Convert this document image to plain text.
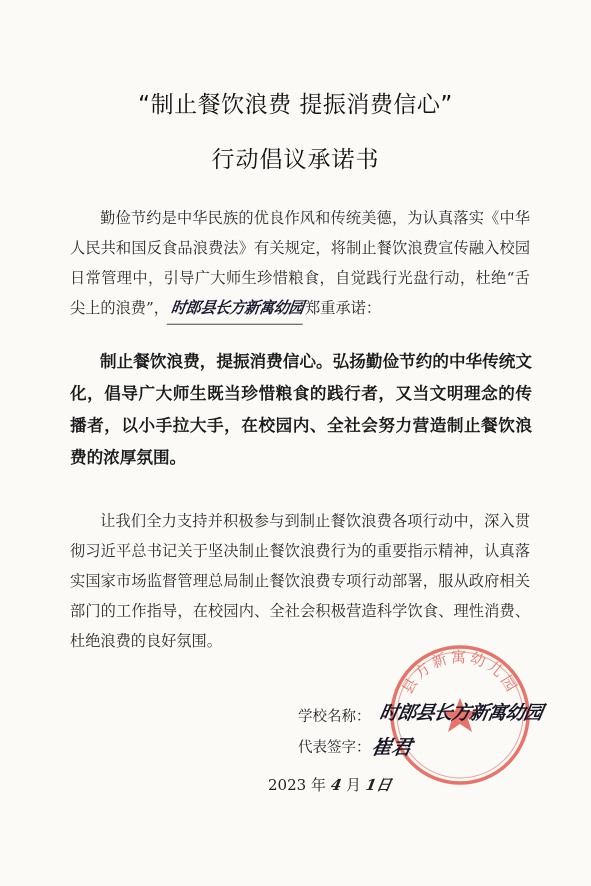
“制止餐饮浪费 提振消费信心”
行动倡议承诺书

勤俭节约是中华民族的优良作风和传统美德，为认真落实《中华人民共和国反食品浪费法》有关规定，将制止餐饮浪费宣传融入校园日常管理中，引导广大师生珍惜粮食，自觉践行光盘行动，杜绝“舌尖上的浪费”，时郎县长方新寓幼园郑重承诺：

制止餐饮浪费，提振消费信心。弘扬勤俭节约的中华传统文化，倡导广大师生既当珍惜粮食的践行者，又当文明理念的传播者，以小手拉大手，在校园内、全社会努力营造制止餐饮浪费的浓厚氛围。

让我们全力支持并积极参与到制止餐饮浪费各项行动中，深入贯彻习近平总书记关于坚决制止餐饮浪费行为的重要指示精神，认真落实国家市场监督管理总局制止餐饮浪费专项行动部署，服从政府相关部门的工作指导，在校园内、全社会积极营造科学饮食、理性消费、杜绝浪费的良好氛围。

县方新寓幼儿园
学校名称： 时郎县长方新寓幼园
代表签字： 崔君
2023 年 4 月 1日
